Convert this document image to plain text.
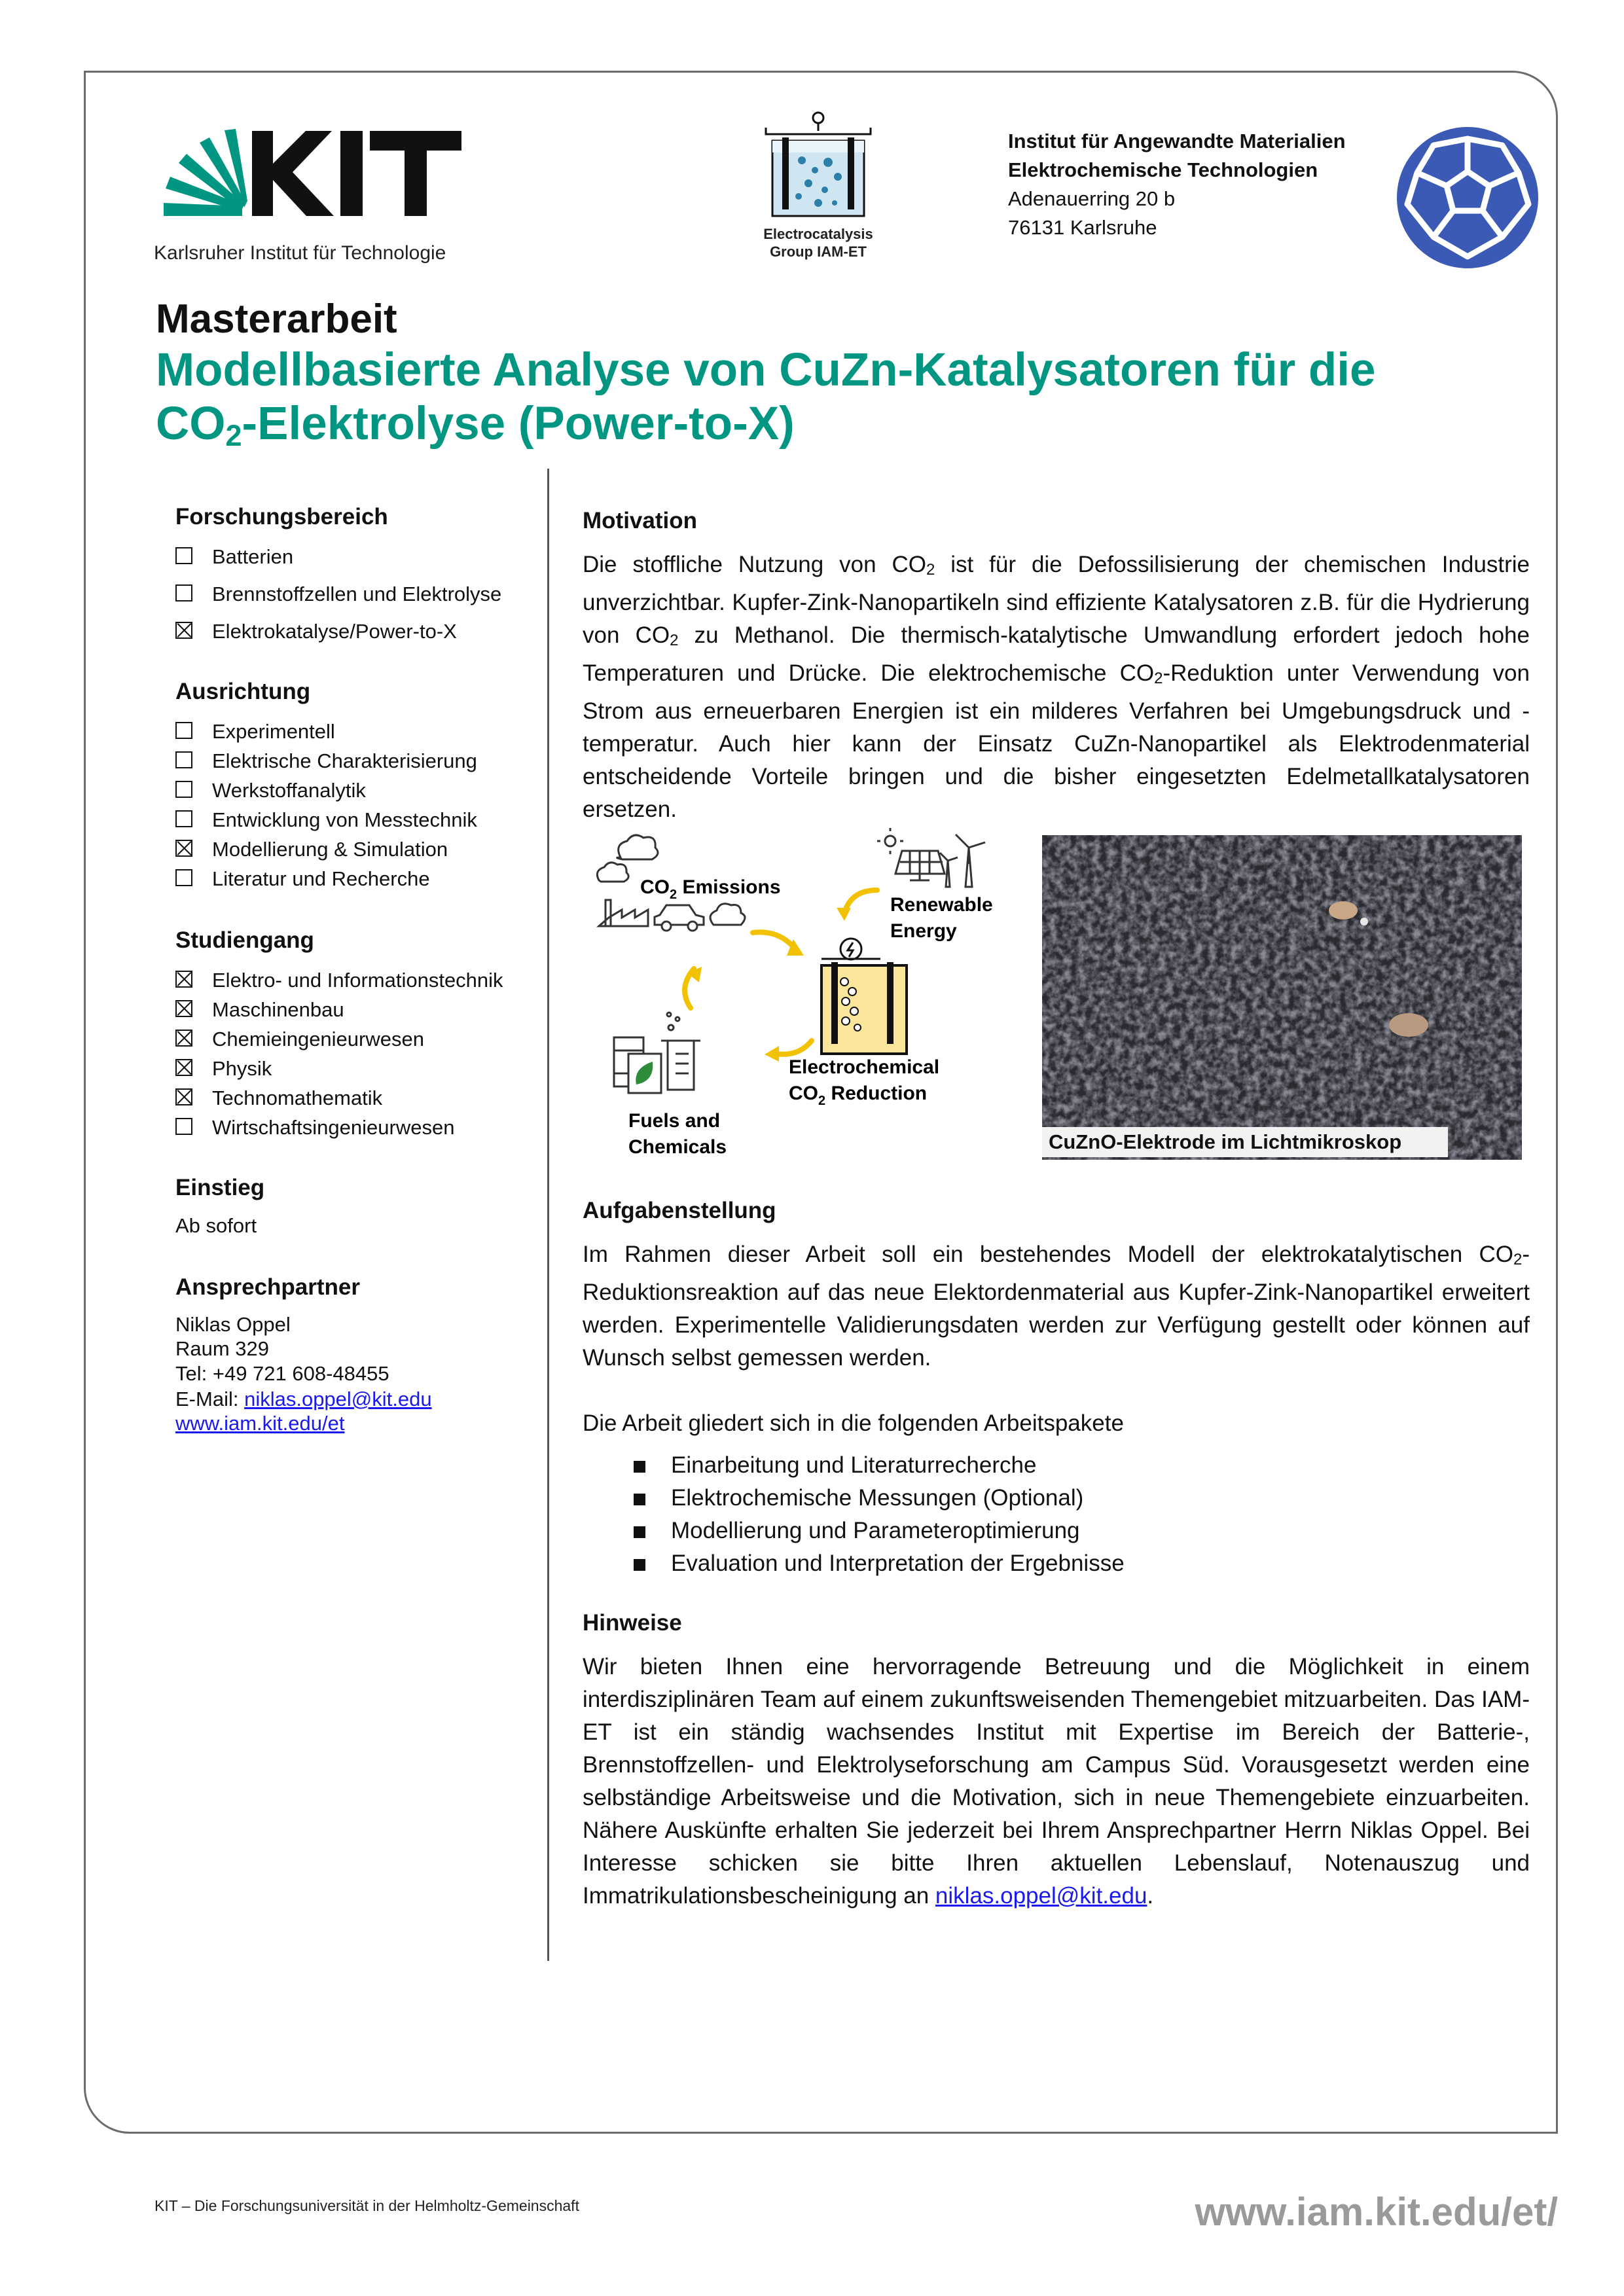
Karlsruher Institut für Technologie
Electrocatalysis
Group IAM-ET
Institut für Angewandte Materialien
Elektrochemische Technologien
Adenauerring 20 b
76131 Karlsruhe
Masterarbeit
Modellbasierte Analyse von CuZn-Katalysatoren für die
$CO_2$-Elektrolyse (Power-to-X)
Forschungsbereich
Batterien
Brennstoffzellen und Elektrolyse
Elektrokatalyse/Power-to-X
Ausrichtung
Experimentell
Elektrische Charakterisierung
Werkstoffanalytik
Entwicklung von Messtechnik
Modellierung & Simulation
Literatur und Recherche
Studiengang
Elektro- und Informationstechnik
Maschinenbau
Chemieingenieurwesen
Physik
Technomathematik
Wirtschaftsingenieurwesen
Einstieg
Ab sofort
Ansprechpartner
Niklas Oppel
Raum 329
Tel: +49 721 608-48455
E-Mail: niklas.oppel@kit.edu
www.iam.kit.edu/et
Motivation
Die stoffliche Nutzung von $CO_2$ ist für die Defossilisierung der chemischen Industrie unverzichtbar. Kupfer-Zink-Nanopartikeln sind effiziente Katalysatoren z.B. für die Hydrierung von $CO_2$ zu Methanol. Die thermisch-katalytische Umwandlung erfordert jedoch hohe Temperaturen und Drücke. Die elektrochemische $CO_2$-Reduktion unter Verwendung von Strom aus erneuerbaren Energien ist ein milderes Verfahren bei Umgebungsdruck und -temperatur. Auch hier kann der Einsatz CuZn-Nanopartikel als Elektrodenmaterial entscheidende Vorteile bringen und die bisher eingesetzten Edelmetallkatalysatoren ersetzen.
$CO_2$ Emissions
Renewable
Energy
Electrochemical
$CO_2$ Reduction
Fuels and
Chemicals	CuZnO-Elektrode im Lichtmikroskop
Aufgabenstellung
Im Rahmen dieser Arbeit soll ein bestehendes Modell der elektrokatalytischen $CO_2$-Reduktionsreaktion auf das neue Elektordenmaterial aus Kupfer-Zink-Nanopartikel erweitert werden. Experimentelle Validierungsdaten werden zur Verfügung gestellt oder können auf Wunsch selbst gemessen werden.
Die Arbeit gliedert sich in die folgenden Arbeitspakete
Einarbeitung und Literaturrecherche
Elektrochemische Messungen (Optional)
Modellierung und Parameteroptimierung
Evaluation und Interpretation der Ergebnisse
Hinweise
Wir bieten Ihnen eine hervorragende Betreuung und die Möglichkeit in einem interdisziplinären Team auf einem zukunftsweisenden Themengebiet mitzuarbeiten. Das IAM-ET ist ein ständig wachsendes Institut mit Expertise im Bereich der Batterie-, Brennstoffzellen- und Elektrolyseforschung am Campus Süd. Vorausgesetzt werden eine selbständige Arbeitsweise und die Motivation, sich in neue Themengebiete einzuarbeiten. Nähere Auskünfte erhalten Sie jederzeit bei Ihrem Ansprechpartner Herrn Niklas Oppel. Bei Interesse schicken sie bitte Ihren aktuellen Lebenslauf, Notenauszug und Immatrikulationsbescheinigung an niklas.oppel@kit.edu.
KIT – Die Forschungsuniversität in der Helmholtz-Gemeinschaft	www.iam.kit.edu/et/
